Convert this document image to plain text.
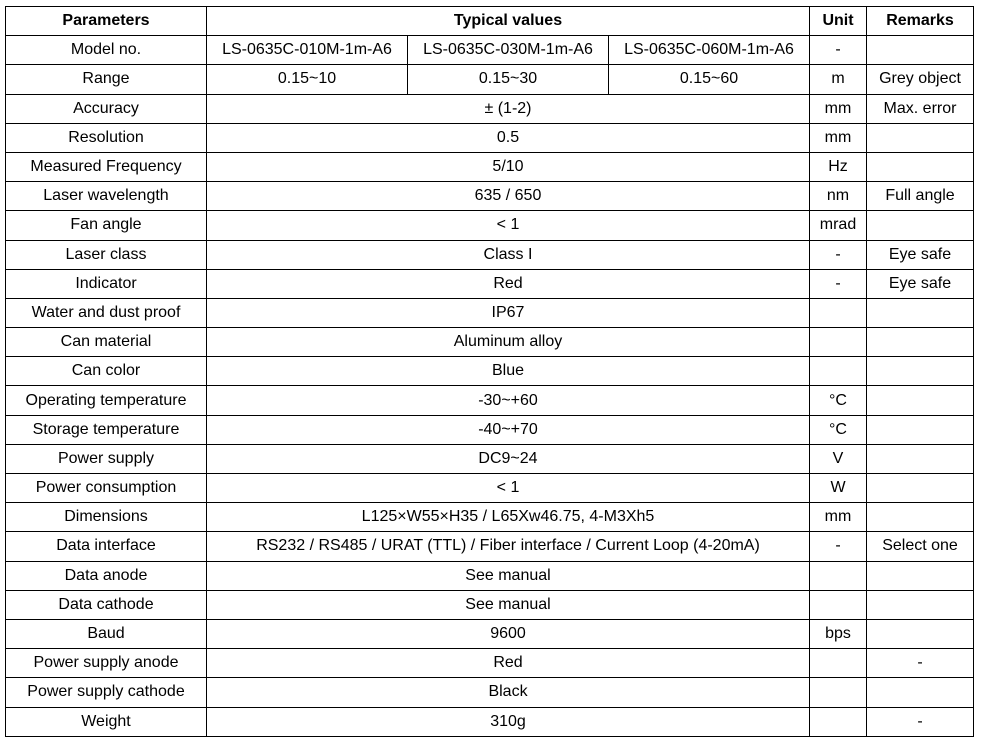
Parameters	Typical values			Unit	Remarks
Model no.	LS-0635C-010M-1m-A6	LS-0635C-030M-1m-A6	LS-0635C-060M-1m-A6	-	
Range	0.15~10	0.15~30	0.15~60	m	Grey object
Accuracy	± (1-2)			mm	Max. error
Resolution	0.5			mm	
Measured Frequency	5/10			Hz	
Laser wavelength	635 / 650			nm	Full angle
Fan angle	< 1			mrad	
Laser class	Class I			-	Eye safe
Indicator	Red			-	Eye safe
Water and dust proof	IP67				
Can material	Aluminum alloy				
Can color	Blue				
Operating temperature	-30~+60			°C	
Storage temperature	-40~+70			°C	
Power supply	DC9~24			V	
Power consumption	< 1			W	
Dimensions	L125×W55×H35 / L65Xw46.75, 4-M3Xh5			mm	
Data interface	RS232 / RS485 / URAT (TTL) / Fiber interface / Current Loop (4-20mA)			-	Select one
Data anode	See manual				
Data cathode	See manual				
Baud	9600			bps	
Power supply anode	Red				-
Power supply cathode	Black				
Weight	310g				-
